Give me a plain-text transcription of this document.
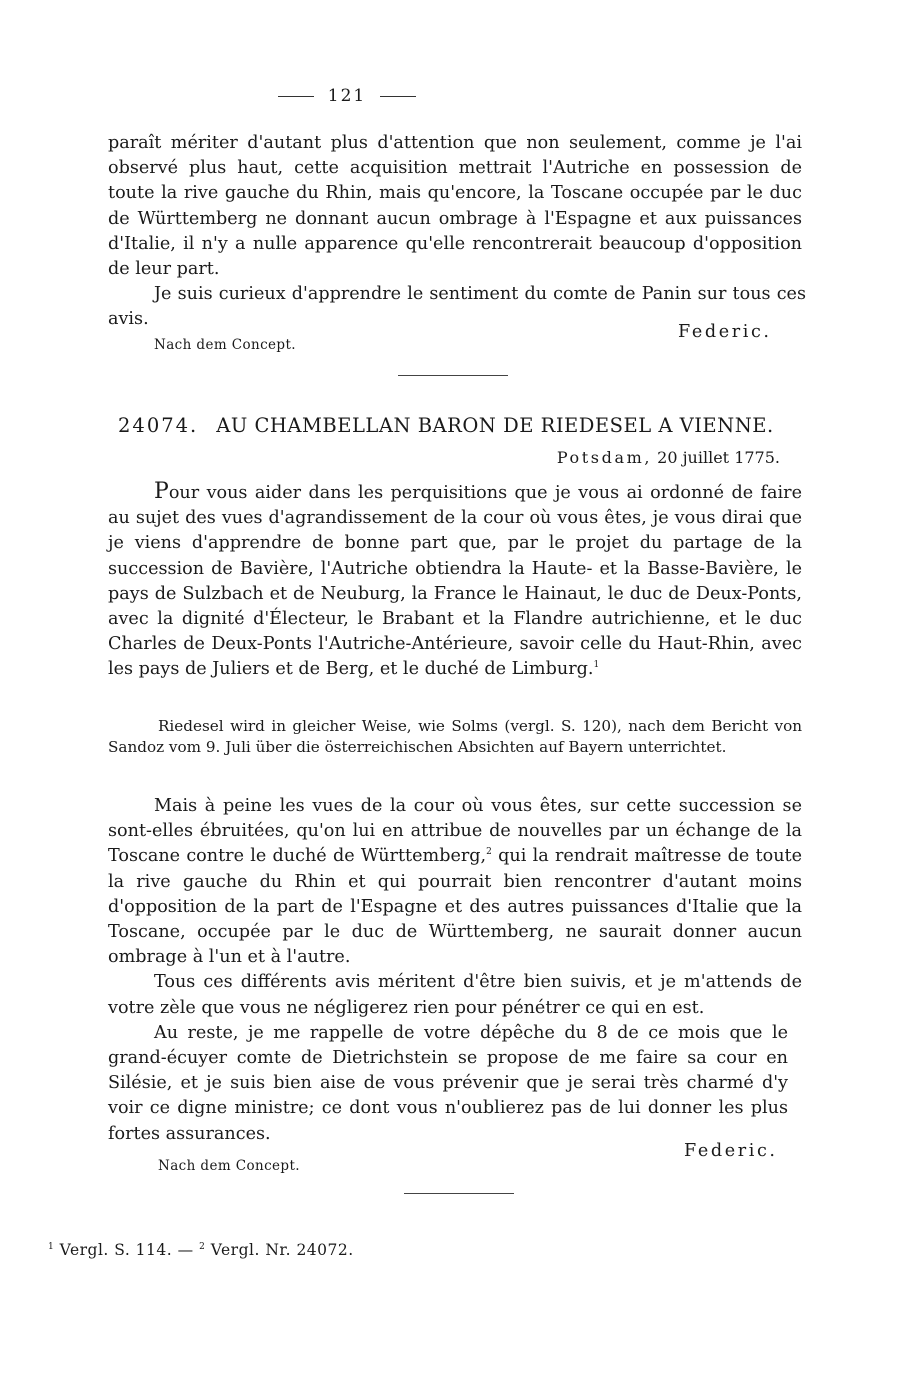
121

paraît mériter d'autant plus d'attention que non seulement, comme je l'ai observé plus haut, cette acquisition mettrait l'Autriche en possession de toute la rive gauche du Rhin, mais qu'encore, la Toscane occupée par le duc de Württemberg ne donnant aucun ombrage à l'Espagne et aux puissances d'Italie, il n'y a nulle apparence qu'elle rencontrerait beaucoup d'opposition de leur part.

Je suis curieux d'apprendre le sentiment du comte de Panin sur tous ces avis.

Nach dem Concept.
Federic.
24074. AU CHAMBELLAN BARON DE RIEDESEL A VIENNE.
Potsdam, 20 juillet 1775.

Pour vous aider dans les perquisitions que je vous ai ordonné de faire au sujet des vues d'agrandissement de la cour où vous êtes, je vous dirai que je viens d'apprendre de bonne part que, par le projet du partage de la succession de Bavière, l'Autriche obtiendra la Haute- et la Basse-Bavière, le pays de Sulzbach et de Neuburg, la France le Hainaut, le duc de Deux-Ponts, avec la dignité d'Électeur, le Brabant et la Flandre autrichienne, et le duc Charles de Deux-Ponts l'Autriche-Antérieure, savoir celle du Haut-Rhin, avec les pays de Juliers et de Berg, et le duché de Limburg.$^1$

Riedesel wird in gleicher Weise, wie Solms (vergl. S. 120), nach dem Bericht von Sandoz vom 9. Juli über die österreichischen Absichten auf Bayern unterrichtet.

Mais à peine les vues de la cour où vous êtes, sur cette succession se sont-elles ébruitées, qu'on lui en attribue de nouvelles par un échange de la Toscane contre le duché de Württemberg,$^2$ qui la rendrait maîtresse de toute la rive gauche du Rhin et qui pourrait bien rencontrer d'autant moins d'opposition de la part de l'Espagne et des autres puissances d'Italie que la Toscane, occupée par le duc de Württemberg, ne saurait donner aucun ombrage à l'un et à l'autre.

Tous ces différents avis méritent d'être bien suivis, et je m'attends de votre zèle que vous ne négligerez rien pour pénétrer ce qui en est.

Au reste, je me rappelle de votre dépêche du 8 de ce mois que le grand-écuyer comte de Dietrichstein se propose de me faire sa cour en Silésie, et je suis bien aise de vous prévenir que je serai très charmé d'y voir ce digne ministre; ce dont vous n'oublierez pas de lui donner les plus fortes assurances.

Nach dem Concept.
Federic.
$^1$ Vergl. S. 114. — $^2$ Vergl. Nr. 24072.
